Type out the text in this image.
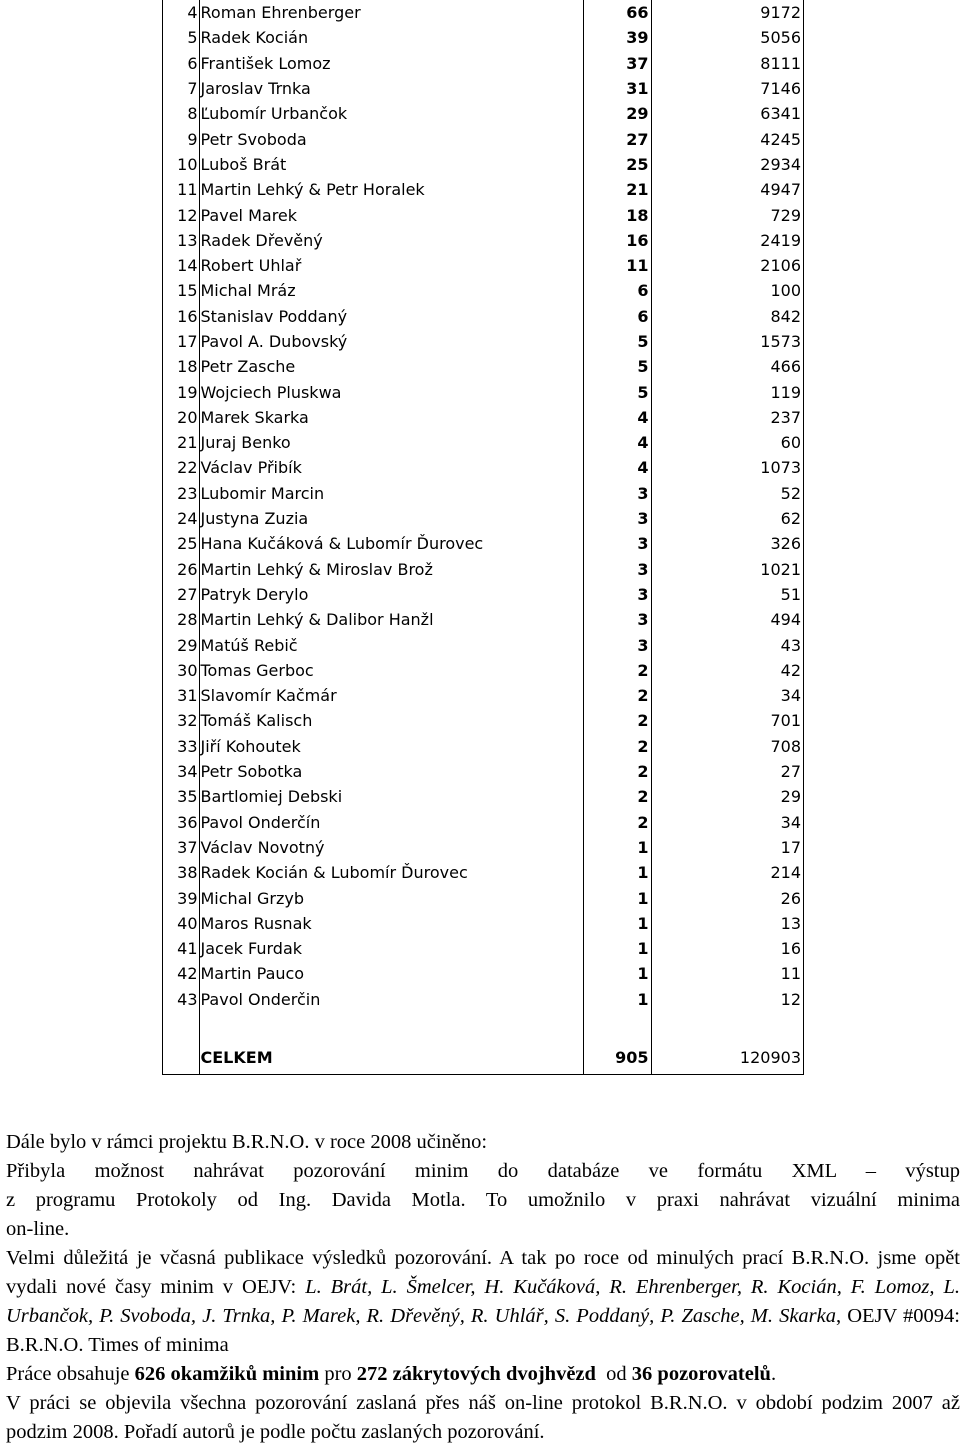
4	Roman Ehrenberger	66	9172
5	Radek Kocián	39	5056
6	František Lomoz	37	8111
7	Jaroslav Trnka	31	7146
8	Ľubomír Urbančok	29	6341
9	Petr Svoboda	27	4245
10	Luboš Brát	25	2934
11	Martin Lehký & Petr Horalek	21	4947
12	Pavel Marek	18	729
13	Radek Dřevěný	16	2419
14	Robert Uhlař	11	2106
15	Michal Mráz	6	100
16	Stanislav Poddaný	6	842
17	Pavol A. Dubovský	5	1573
18	Petr Zasche	5	466
19	Wojciech Pluskwa	5	119
20	Marek Skarka	4	237
21	Juraj Benko	4	60
22	Václav Přibík	4	1073
23	Lubomir Marcin	3	52
24	Justyna Zuzia	3	62
25	Hana Kučáková & Lubomír Ďurovec	3	326
26	Martin Lehký & Miroslav Brož	3	1021
27	Patryk Derylo	3	51
28	Martin Lehký & Dalibor Hanžl	3	494
29	Matúš Rebič	3	43
30	Tomas Gerboc	2	42
31	Slavomír Kačmár	2	34
32	Tomáš Kalisch	2	701
33	Jiří Kohoutek	2	708
34	Petr Sobotka	2	27
35	Bartlomiej Debski	2	29
36	Pavol Onderčín	2	34
37	Václav Novotný	1	17
38	Radek Kocián & Lubomír Ďurovec	1	214
39	Michal Grzyb	1	26
40	Maros Rusnak	1	13
41	Jacek Furdak	1	16
42	Martin Pauco	1	11
43	Pavol Onderčin	1	12

	CELKEM	905	120903

Dále bylo v rámci projektu B.R.N.O. v roce 2008 učiněno:

Přibyla možnost nahrávat pozorování minim do databáze ve formátu XML – výstup

z programu Protokoly od Ing. Davida Motla. To umožnilo v praxi nahrávat vizuální minima

on-line.

Velmi důležitá je včasná publikace výsledků pozorování. A tak po roce od minulých prací B.R.N.O. jsme opět vydali nové časy minim v OEJV: L. Brát, L. Šmelcer, H. Kučáková, R. Ehrenberger, R. Kocián, F. Lomoz, L. Urbančok, P. Svoboda, J. Trnka, P. Marek, R. Dřevěný, R. Uhlář, S. Poddaný, P. Zasche, M. Skarka, OEJV #0094: B.R.N.O. Times of minima

Práce obsahuje 626 okamžiků minim pro 272 zákrytových dvojhvězd  od 36 pozorovatelů.

V práci se objevila všechna pozorování zaslaná přes náš on-line protokol B.R.N.O. v období podzim 2007 až podzim 2008. Pořadí autorů je podle počtu zaslaných pozorování.
